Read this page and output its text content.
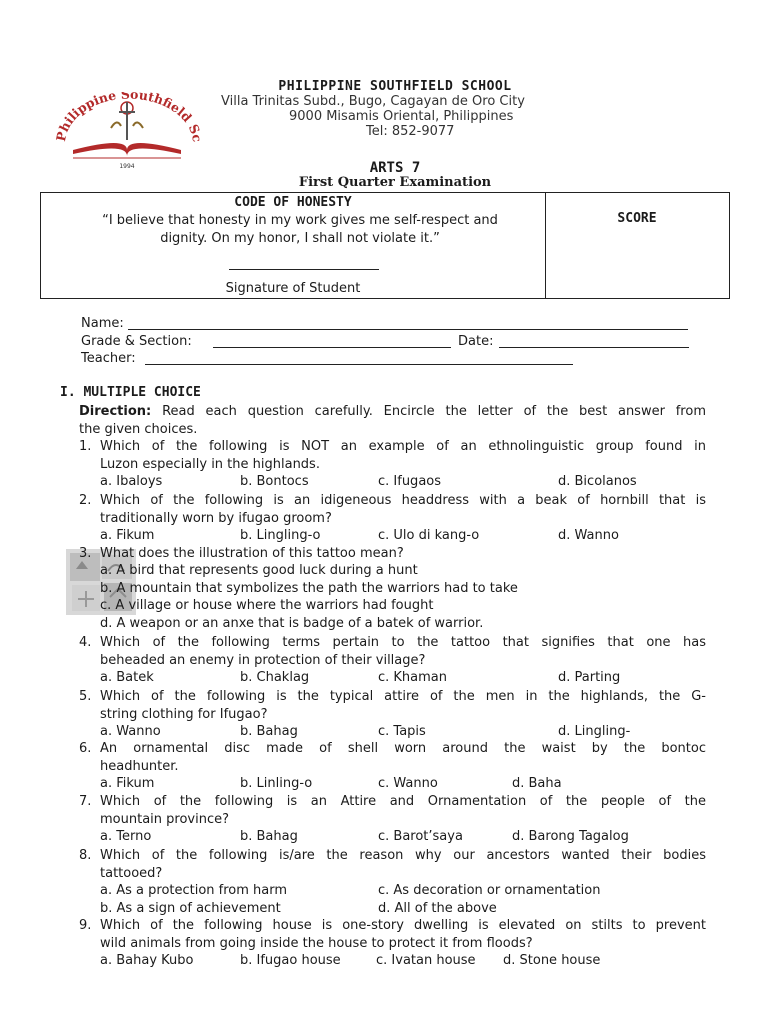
hilippine Southfield
1994
PHILIPPINE SOUTHFIELD SCHOOL
Villa Trinitas Subd., Bugo, Cagayan de Oro City
9000 Misamis Oriental, Philippines
Tel: 852-9077
ARTS 7
First Quarter Examination
CODE OF HONESTY
“I believe that honesty in my work gives me self-respect and
dignity. On my honor, I shall not violate it.”
Signature of Student
SCORE
Name:
Grade & Section:	Date:
Teacher:
I. MULTIPLE CHOICE
Direction: Read each question carefully. Encircle the letter of the best answer from
the given choices.
1. Which of the following is NOT an example of an ethnolinguistic group found in
Luzon especially in the highlands.
a. Ibaloys	b. Bontocs	c. Ifugaos	d. Bicolanos
2. Which of the following is an idigeneous headdress with a beak of hornbill that is
traditionally worn by ifugao groom?
a. Fikum	b. Lingling-o	c. Ulo di kang-o	d. Wanno
3. What does the illustration of this tattoo mean?
a. A bird that represents good luck during a hunt
b. A mountain that symbolizes the path the warriors had to take
c. A village or house where the warriors had fought
d. A weapon or an anxe that is badge of a batek of warrior.
4. Which of the following terms pertain to the tattoo that signifies that one has
beheaded an enemy in protection of their village?
a. Batek	b. Chaklag	c. Khaman	d. Parting
5. Which of the following is the typical attire of the men in the highlands, the G-
string clothing for Ifugao?
a. Wanno	b. Bahag	c. Tapis	d. Lingling-
6. An ornamental disc made of shell worn around the waist by the bontoc
headhunter.
a. Fikum	b. Linling-o	c. Wanno	d. Baha
7. Which of the following is an Attire and Ornamentation of the people of the
mountain province?
a. Terno	b. Bahag	c. Barot’saya	d. Barong Tagalog
8. Which of the following is/are the reason why our ancestors wanted their bodies
tattooed?
a. As a protection from harm	c. As decoration or ornamentation
b. As a sign of achievement	d. All of the above
9. Which of the following house is one-story dwelling is elevated on stilts to prevent
wild animals from going inside the house to protect it from floods?
a. Bahay Kubo	b. Ifugao house	c. Ivatan house d. Stone house
